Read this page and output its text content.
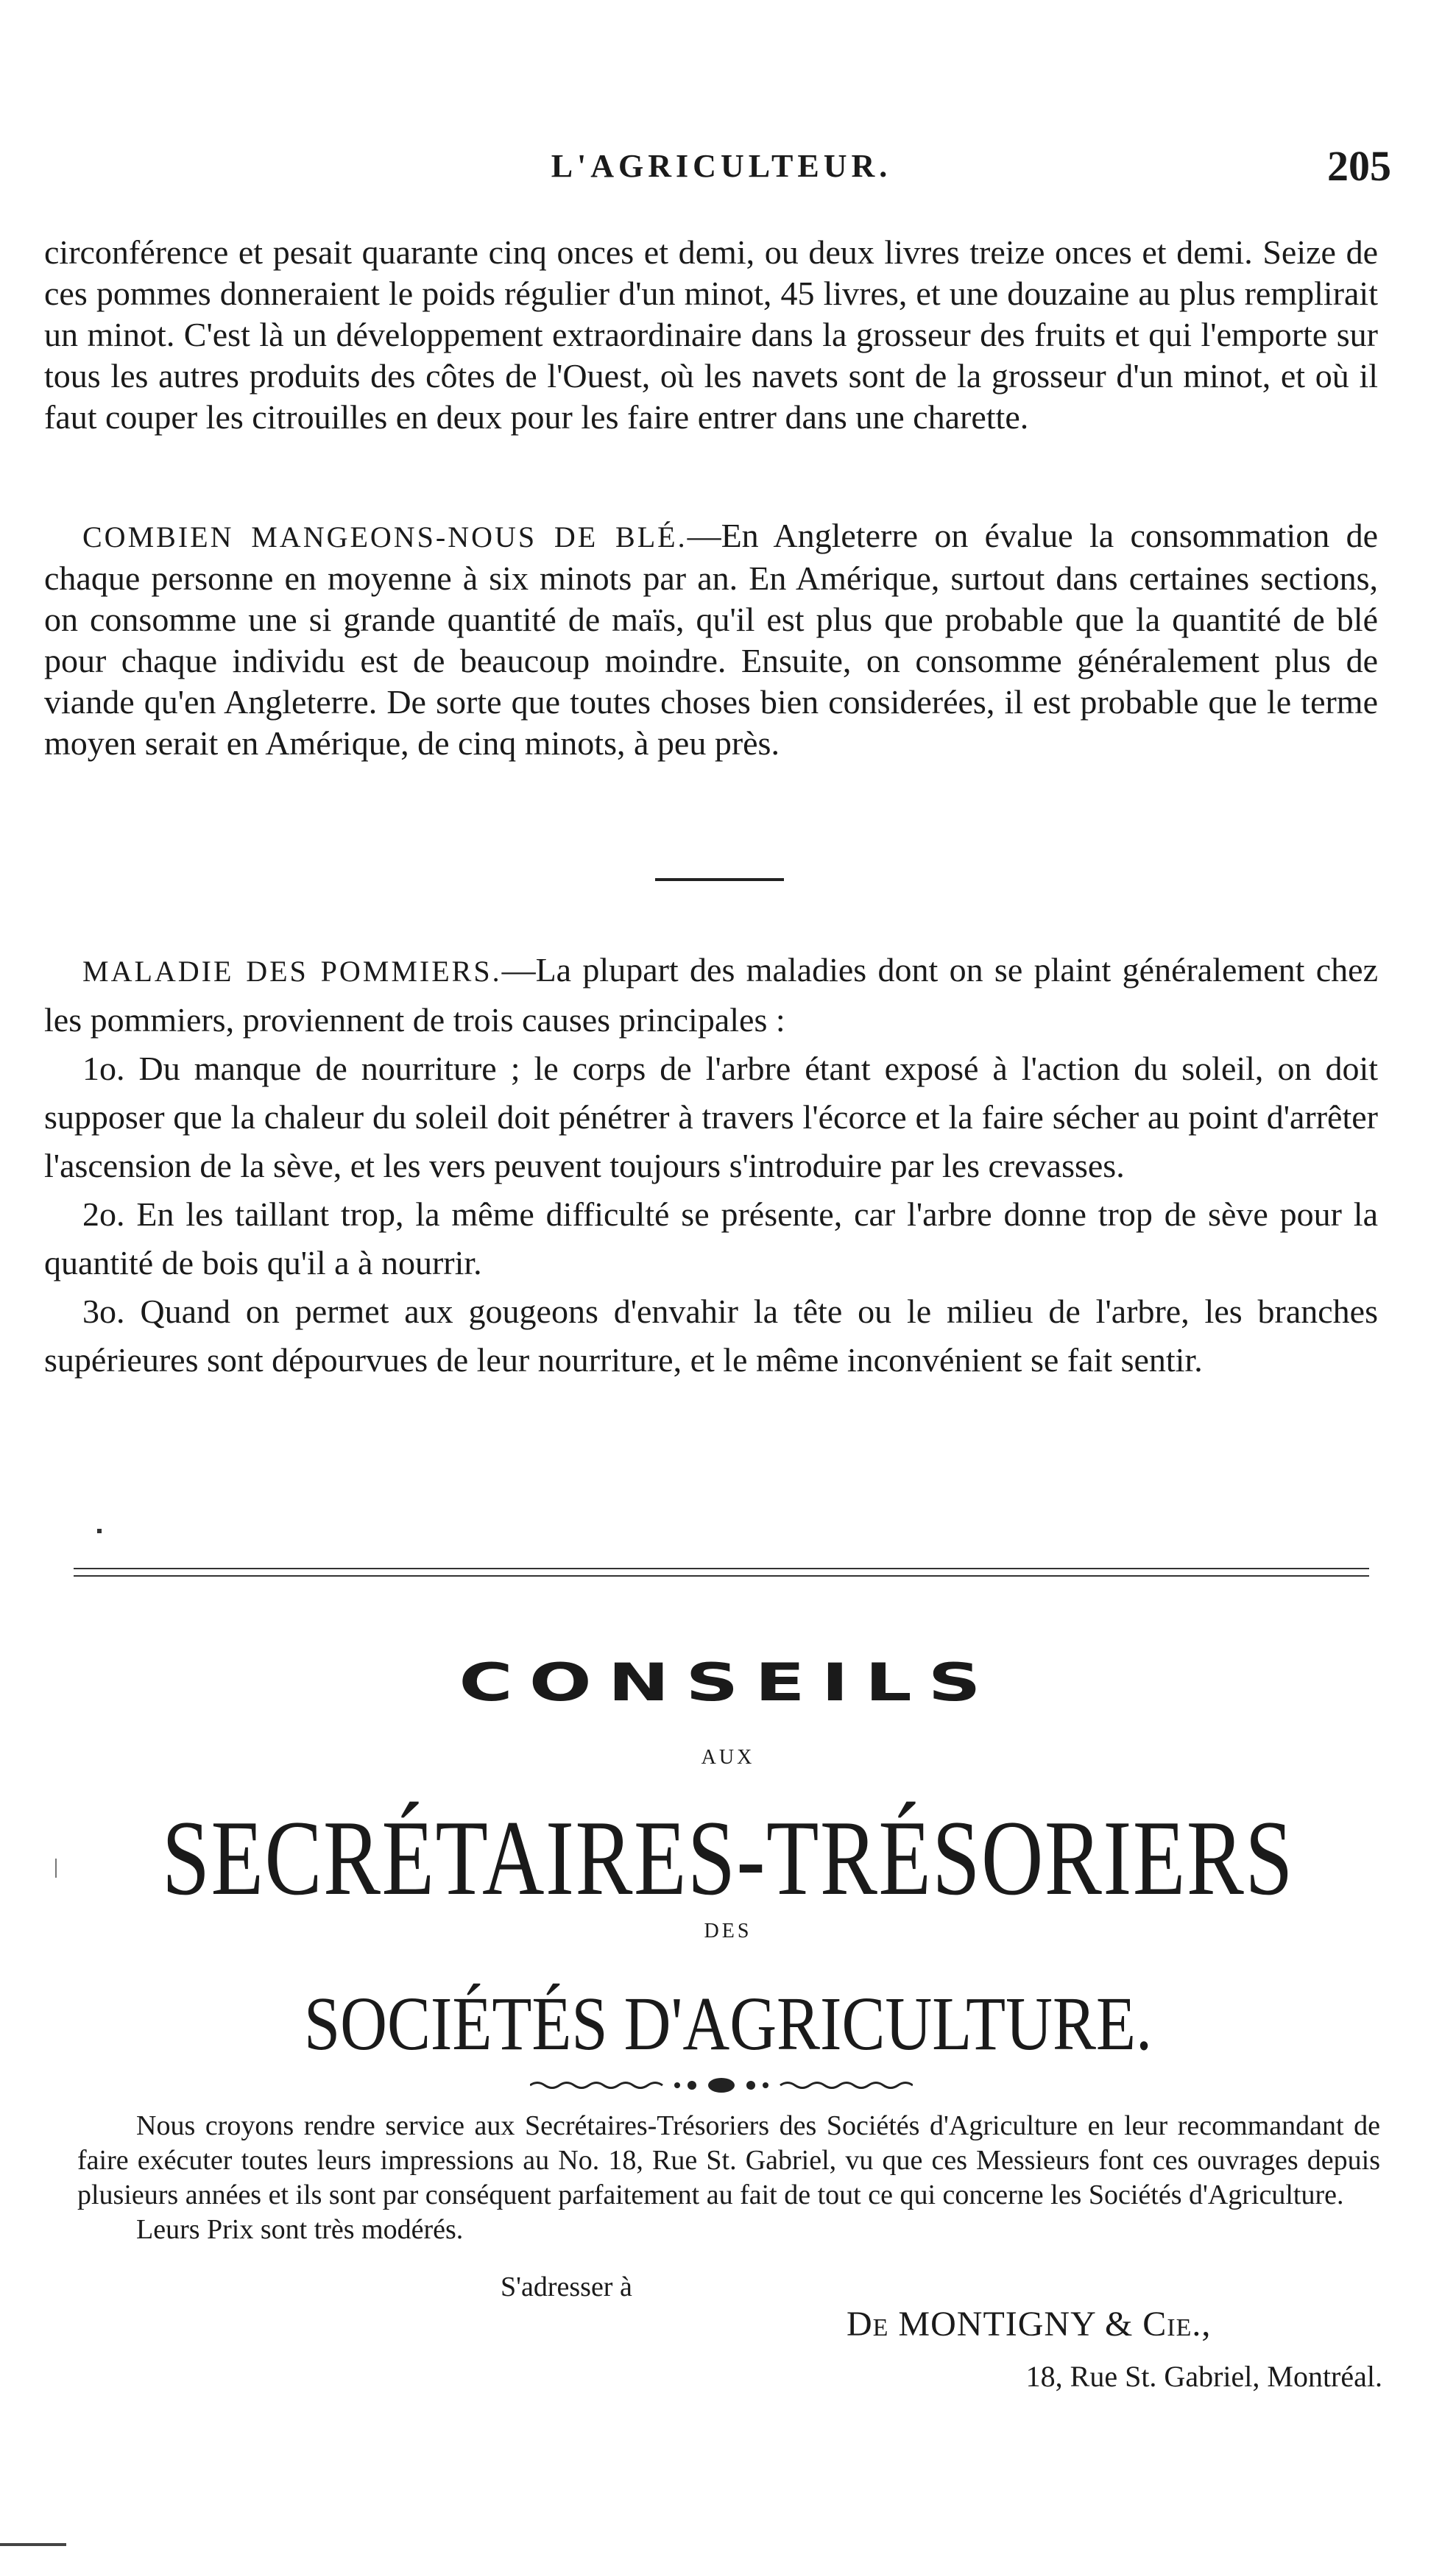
L'AGRICULTEUR.	205

circonférence et pesait quarante cinq onces et demi, ou deux livres treize onces et demi. Seize de ces pommes donneraient le poids régulier d'un minot, 45 livres, et une douzaine au plus remplirait un minot. C'est là un développement extraordinaire dans la grosseur des fruits et qui l'emporte sur tous les autres produits des côtes de l'Ouest, où les navets sont de la grosseur d'un minot, et où il faut couper les citrouilles en deux pour les faire entrer dans une charette.

COMBIEN MANGEONS-NOUS DE BLÉ.—En Angleterre on évalue la consommation de chaque personne en moyenne à six minots par an. En Amérique, surtout dans certaines sections, on consomme une si grande quantité de maïs, qu'il est plus que probable que la quantité de blé pour chaque individu est de beaucoup moindre. Ensuite, on consomme généralement plus de viande qu'en Angleterre. De sorte que toutes choses bien considerées, il est probable que le terme moyen serait en Amérique, de cinq minots, à peu près.

MALADIE DES POMMIERS.—La plupart des maladies dont on se plaint généralement chez les pommiers, proviennent de trois causes principales :

1o. Du manque de nourriture ; le corps de l'arbre étant exposé à l'action du soleil, on doit supposer que la chaleur du soleil doit pénétrer à travers l'écorce et la faire sécher au point d'arrêter l'ascension de la sève, et les vers peuvent toujours s'introduire par les crevasses.

2o. En les taillant trop, la même difficulté se présente, car l'arbre donne trop de sève pour la quantité de bois qu'il a à nourrir.

3o. Quand on permet aux gougeons d'envahir la tête ou le milieu de l'arbre, les branches supérieures sont dépourvues de leur nourriture, et le même inconvénient se fait sentir.

CONSEILS
AUX
SECRÉTAIRES-TRÉSORIERS
DES
SOCIÉTÉS D'AGRICULTURE.

Nous croyons rendre service aux Secrétaires-Trésoriers des Sociétés d'Agriculture en leur recommandant de faire exécuter toutes leurs impressions au No. 18, Rue St. Gabriel, vu que ces Messieurs font ces ouvrages depuis plusieurs années et ils sont par conséquent parfaitement au fait de tout ce qui concerne les Sociétés d'Agriculture.

Leurs Prix sont très modérés.

S'adresser à
De MONTIGNY & Cie.,
18, Rue St. Gabriel, Montréal.
